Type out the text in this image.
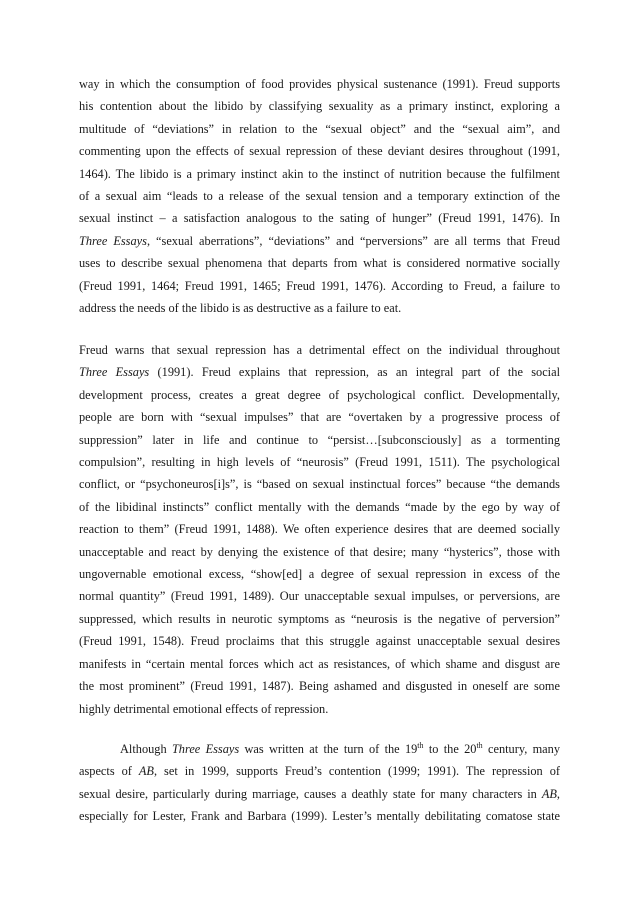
way in which the consumption of food provides physical sustenance (1991). Freud supports

his contention about the libido by classifying sexuality as a primary instinct, exploring a

multitude of “deviations” in relation to the “sexual object” and the “sexual aim”, and

commenting upon the effects of sexual repression of these deviant desires throughout (1991,

1464). The libido is a primary instinct akin to the instinct of nutrition because the fulfilment

of a sexual aim “leads to a release of the sexual tension and a temporary extinction of the

sexual instinct – a satisfaction analogous to the sating of hunger” (Freud 1991, 1476). In

Three Essays, “sexual aberrations”, “deviations” and “perversions” are all terms that Freud

uses to describe sexual phenomena that departs from what is considered normative socially

(Freud 1991, 1464; Freud 1991, 1465; Freud 1991, 1476). According to Freud, a failure to

address the needs of the libido is as destructive as a failure to eat.

Freud warns that sexual repression has a detrimental effect on the individual throughout

Three Essays (1991). Freud explains that repression, as an integral part of the social

development process, creates a great degree of psychological conflict. Developmentally,

people are born with “sexual impulses” that are “overtaken by a progressive process of

suppression” later in life and continue to “persist…[subconsciously] as a tormenting

compulsion”, resulting in high levels of “neurosis” (Freud 1991, 1511). The psychological

conflict, or “psychoneuros[i]s”, is “based on sexual instinctual forces” because “the demands

of the libidinal instincts” conflict mentally with the demands “made by the ego by way of

reaction to them” (Freud 1991, 1488). We often experience desires that are deemed socially

unacceptable and react by denying the existence of that desire; many “hysterics”, those with

ungovernable emotional excess, “show[ed] a degree of sexual repression in excess of the

normal quantity” (Freud 1991, 1489). Our unacceptable sexual impulses, or perversions, are

suppressed, which results in neurotic symptoms as “neurosis is the negative of perversion”

(Freud 1991, 1548). Freud proclaims that this struggle against unacceptable sexual desires

manifests in “certain mental forces which act as resistances, of which shame and disgust are

the most prominent” (Freud 1991, 1487). Being ashamed and disgusted in oneself are some

highly detrimental emotional effects of repression.

Although Three Essays was written at the turn of the 19th to the 20th century, many

aspects of AB, set in 1999, supports Freud’s contention (1999; 1991). The repression of

sexual desire, particularly during marriage, causes a deathly state for many characters in AB,

especially for Lester, Frank and Barbara (1999). Lester’s mentally debilitating comatose state
